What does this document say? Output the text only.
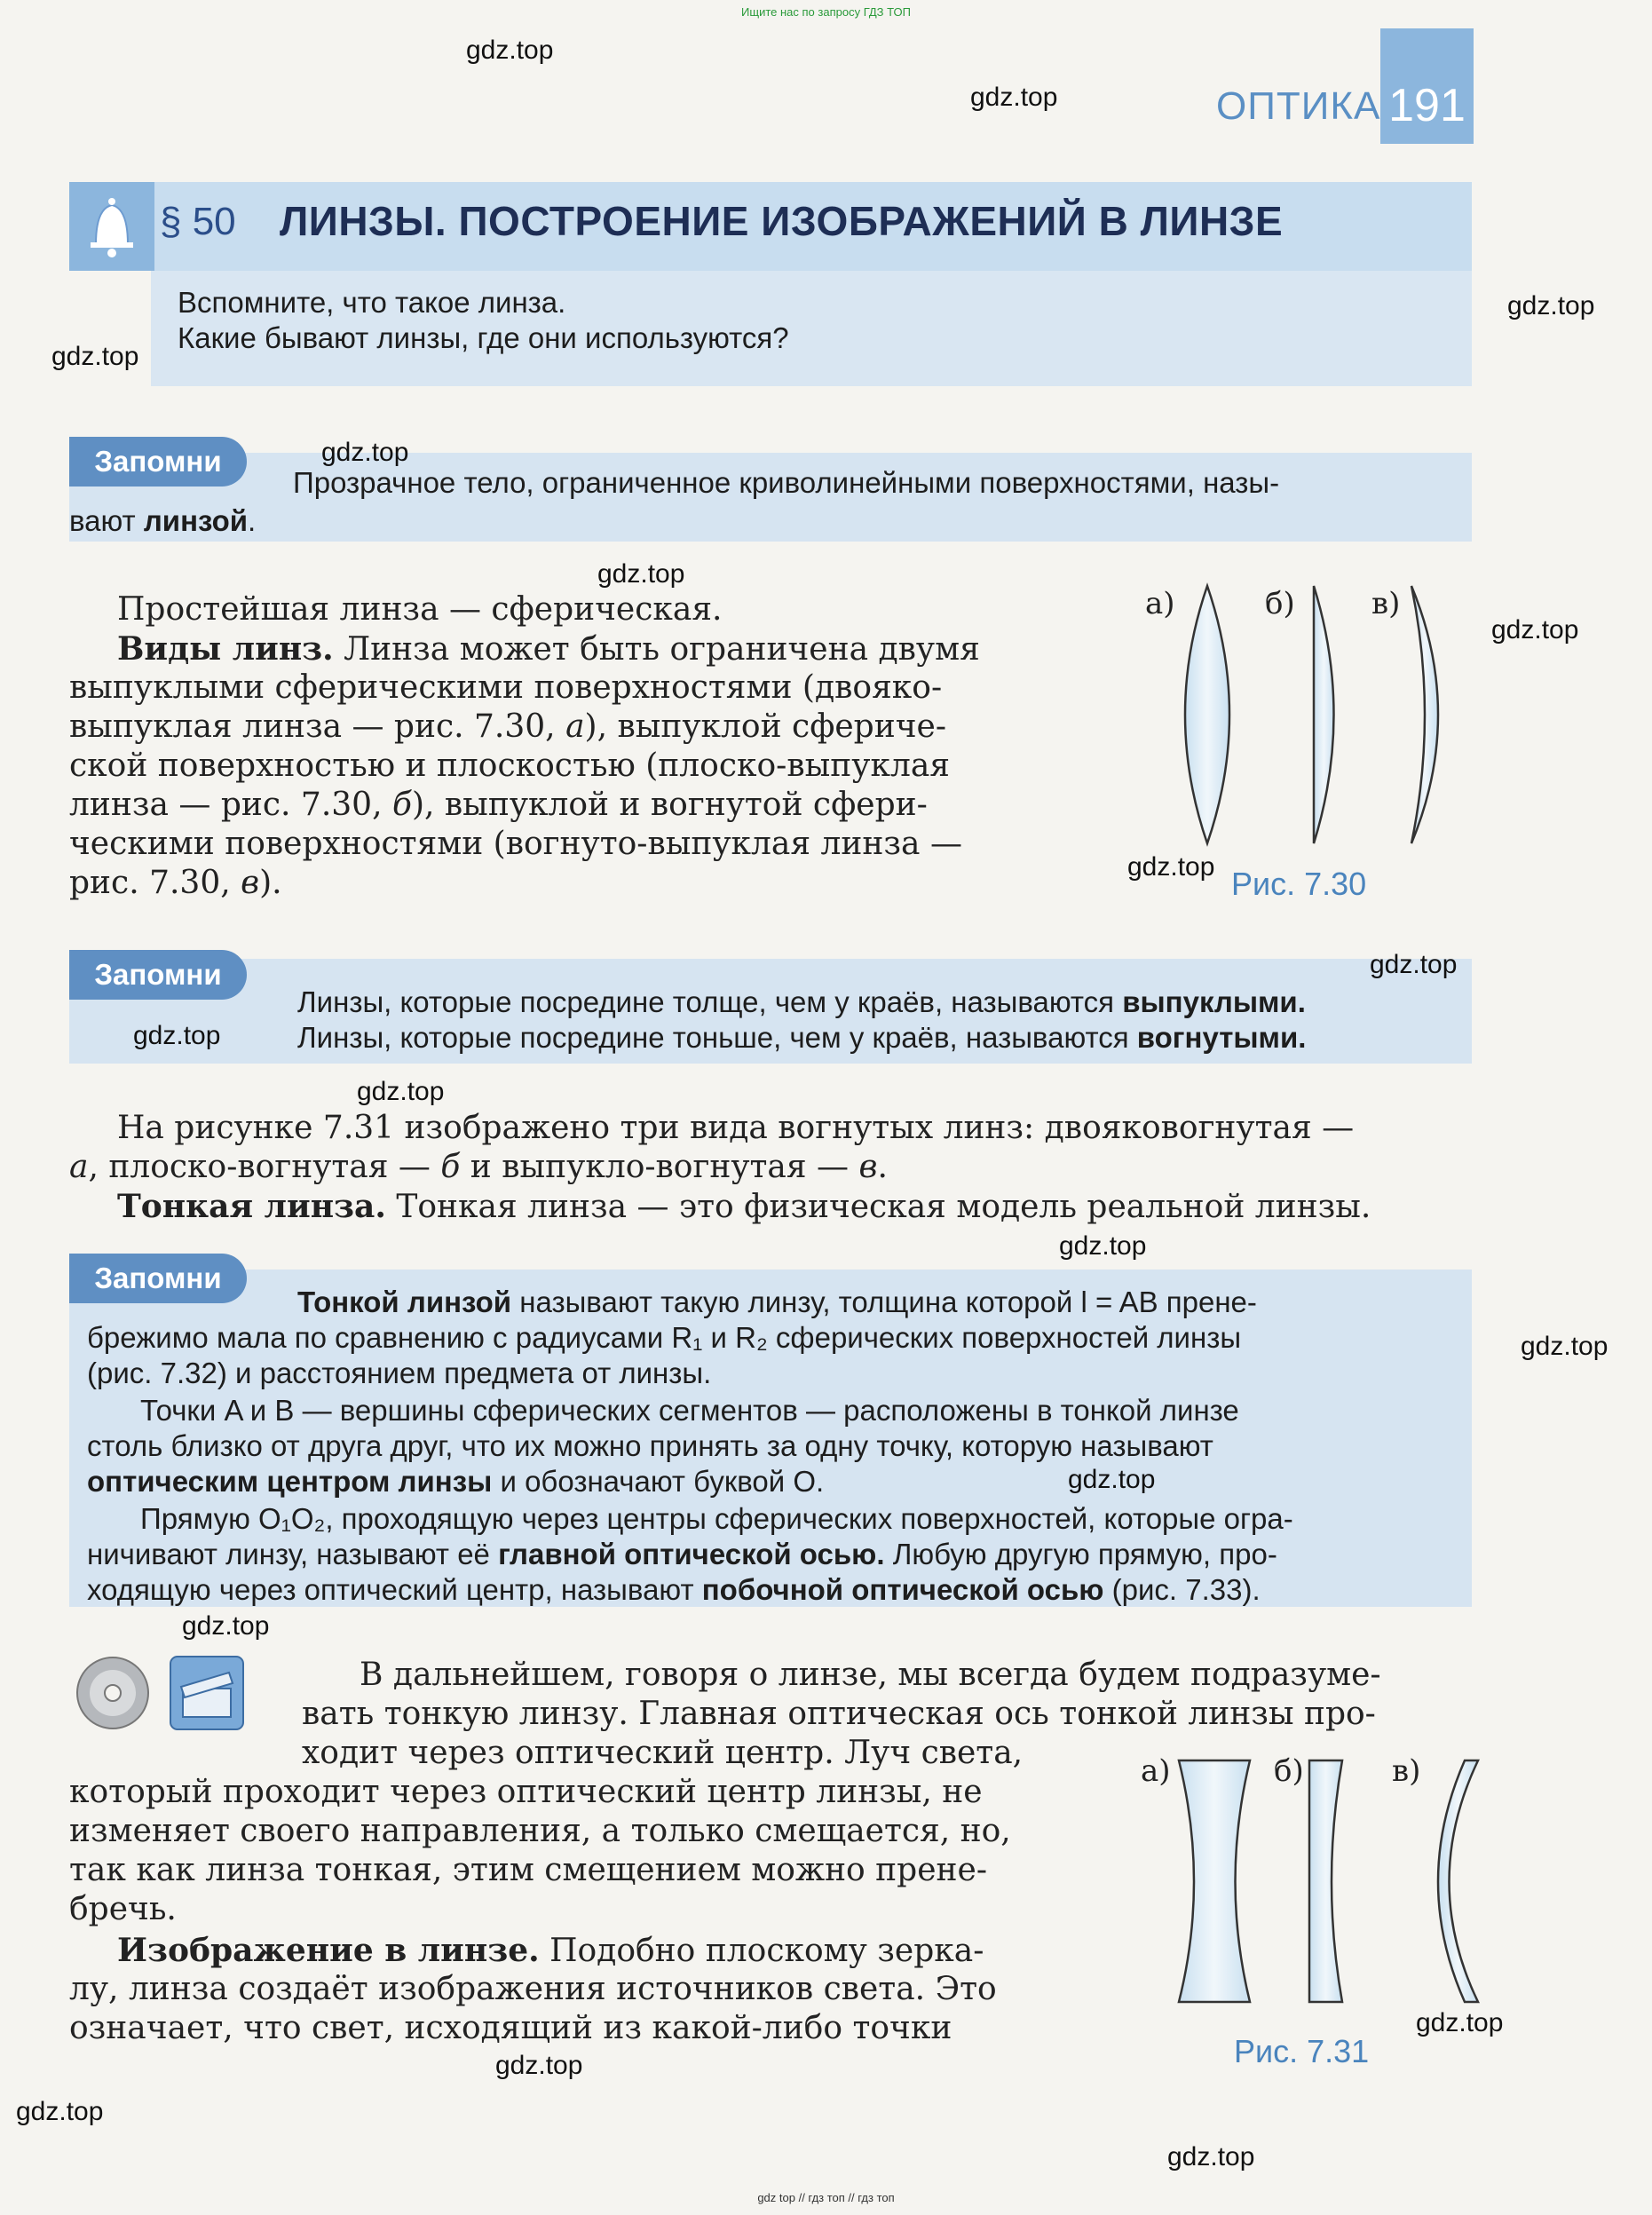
Ищите нас по запросу ГДЗ ТОП
gdz top // гдз топ // гдз топ
ОПТИКА 191
§ 50 ЛИНЗЫ. ПОСТРОЕНИЕ ИЗОБРАЖЕНИЙ В ЛИНЗЕ
Вспомните, что такое линза.
Какие бывают линзы, где они используются?
Запомни
Прозрачное тело, ограниченное криволинейными поверхностями, назы-
вают линзой.
Простейшая линза — сферическая.
Виды линз. Линза может быть ограничена двумя
выпуклыми сферическими поверхностями (двояко-
выпуклая линза — рис. 7.30, а), выпуклой сфериче-
ской поверхностью и плоскостью (плоско-выпуклая
линза — рис. 7.30, б), выпуклой и вогнутой сфери-
ческими поверхностями (вогнуто-выпуклая линза —
рис. 7.30, в).
а)	б)	в)
Рис. 7.30
Запомни
Линзы, которые посредине толще, чем у краёв, называются выпуклыми.
Линзы, которые посредине тоньше, чем у краёв, называются вогнутыми.
На рисунке 7.31 изображено три вида вогнутых линз: двояковогнутая —
а, плоско-вогнутая — б и выпукло-вогнутая — в.
Тонкая линза. Тонкая линза — это физическая модель реальной линзы.
Запомни
Тонкой линзой называют такую линзу, толщина которой l = AB прене-
брежимо мала по сравнению с радиусами R₁ и R₂ сферических поверхностей линзы
(рис. 7.32) и расстоянием предмета от линзы.
Точки A и B — вершины сферических сегментов — расположены в тонкой линзе
столь близко от друга друг, что их можно принять за одну точку, которую называют
оптическим центром линзы и обозначают буквой O.
Прямую O₁O₂, проходящую через центры сферических поверхностей, которые огра-
ничивают линзу, называют её главной оптической осью. Любую другую прямую, про-
ходящую через оптический центр, называют побочной оптической осью (рис. 7.33).
В дальнейшем, говоря о линзе, мы всегда будем подразуме-
вать тонкую линзу. Главная оптическая ось тонкой линзы про-
ходит через оптический центр. Луч света,
который проходит через оптический центр линзы, не
изменяет своего направления, а только смещается, но,
так как линза тонкая, этим смещением можно прене-
бречь.
Изображение в линзе. Подобно плоскому зерка-
лу, линза создаёт изображения источников света. Это
означает, что свет, исходящий из какой-либо точки
а)	б)	в)
Рис. 7.31
gdz.top
gdz.top
gdz.top
gdz.top
gdz.top
gdz.top
gdz.top
gdz.top
gdz.top
gdz.top
gdz.top
gdz.top
gdz.top
gdz.top
gdz.top
gdz.top
gdz.top
gdz.top
gdz.top
